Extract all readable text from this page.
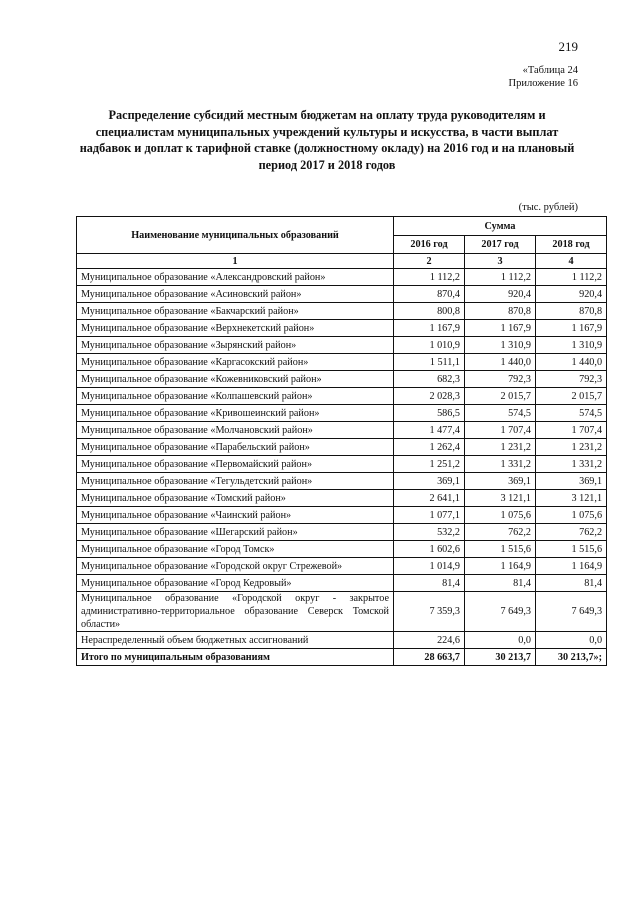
219
«Таблица 24
Приложение 16
Распределение субсидий местным бюджетам на оплату труда руководителям и специалистам муниципальных учреждений культуры и искусства, в части выплат надбавок и доплат к тарифной ставке (должностному окладу) на 2016 год и на плановый период 2017 и 2018 годов
(тыс. рублей)
Наименование муниципальных образований	Сумма		
	2016 год	2017 год	2018 год
1	2	3	4
Муниципальное образование «Александровский район»	1 112,2	1 112,2	1 112,2
Муниципальное образование «Асиновский район»	870,4	920,4	920,4
Муниципальное образование «Бакчарский район»	800,8	870,8	870,8
Муниципальное образование «Верхнекетский район»	1 167,9	1 167,9	1 167,9
Муниципальное образование «Зырянский район»	1 010,9	1 310,9	1 310,9
Муниципальное образование «Каргасокский район»	1 511,1	1 440,0	1 440,0
Муниципальное образование «Кожевниковский район»	682,3	792,3	792,3
Муниципальное образование «Колпашевский район»	2 028,3	2 015,7	2 015,7
Муниципальное образование «Кривошеинский район»	586,5	574,5	574,5
Муниципальное образование «Молчановский район»	1 477,4	1 707,4	1 707,4
Муниципальное образование «Парабельский район»	1 262,4	1 231,2	1 231,2
Муниципальное образование «Первомайский район»	1 251,2	1 331,2	1 331,2
Муниципальное образование «Тегульдетский район»	369,1	369,1	369,1
Муниципальное образование «Томский район»	2 641,1	3 121,1	3 121,1
Муниципальное образование «Чаинский район»	1 077,1	1 075,6	1 075,6
Муниципальное образование «Шегарский район»	532,2	762,2	762,2
Муниципальное образование «Город Томск»	1 602,6	1 515,6	1 515,6
Муниципальное образование «Городской округ Стрежевой»	1 014,9	1 164,9	1 164,9
Муниципальное образование «Город Кедровый»	81,4	81,4	81,4
Муниципальное образование «Городской округ - закрытое административно-территориальное образование Северск Томской области»	7 359,3	7 649,3	7 649,3
Нераспределенный объем бюджетных ассигнований	224,6	0,0	0,0
Итого по муниципальным образованиям	28 663,7	30 213,7	30 213,7»;
